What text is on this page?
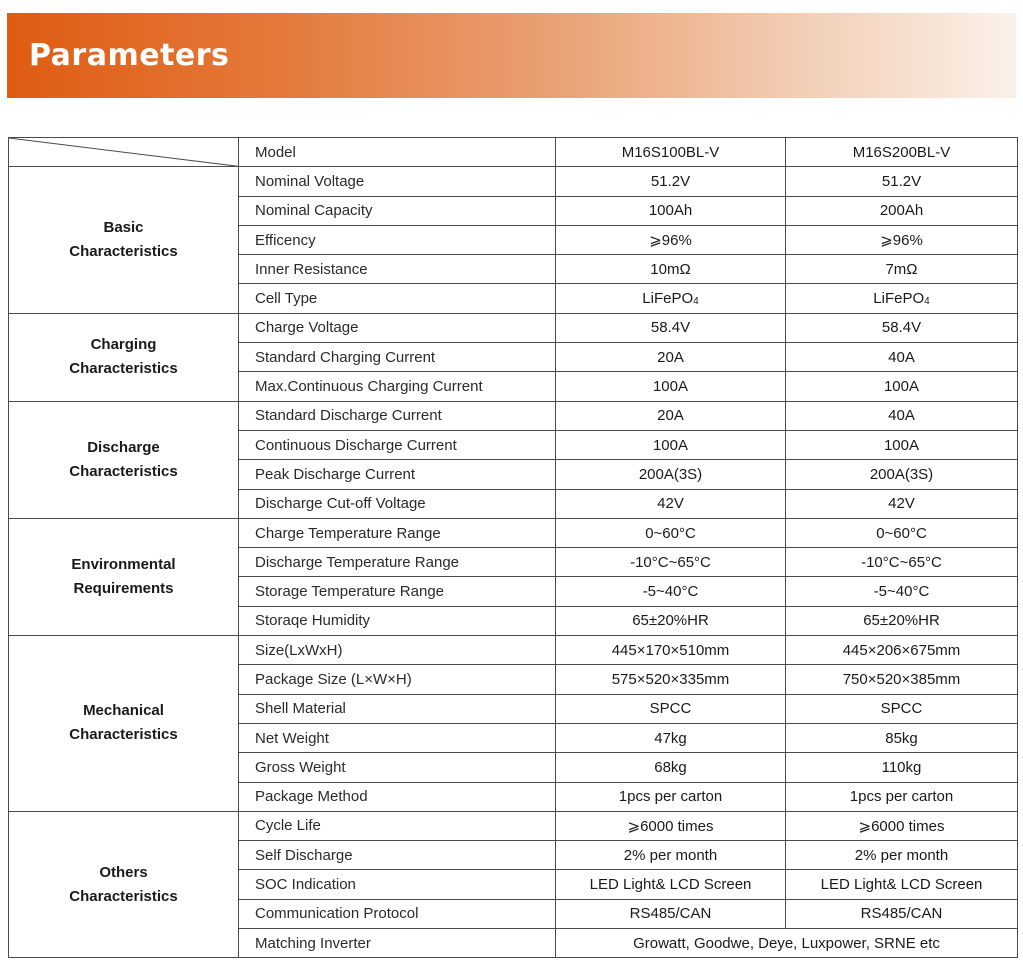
Parameters
	Model	M16S100BL-V	M16S200BL-V

Basic
Characteristics	Nominal Voltage	51.2V	51.2V
	Nominal Capacity	100Ah	200Ah
	Efficency	⩾96%	⩾96%
	Inner Resistance	10mΩ	7mΩ
	Cell Type	LiFePO4	LiFePO4

Charging
Characteristics	Charge Voltage	58.4V	58.4V
	Standard Charging Current	20A	40A
	Max.Continuous Charging Current	100A	100A

Discharge
Characteristics	Standard Discharge Current	20A	40A
	Continuous Discharge Current	100A	100A
	Peak Discharge Current	200A(3S)	200A(3S)
	Discharge Cut-off Voltage	42V	42V

Environmental
Requirements	Charge Temperature Range	0~60°C	0~60°C
	Discharge Temperature Range	-10°C~65°C	-10°C~65°C
	Storage Temperature Range	-5~40°C	-5~40°C
	Storaqe Humidity	65±20%HR	65±20%HR

Mechanical
Characteristics	Size(LxWxH)	445×170×510mm	445×206×675mm
	Package Size (L×W×H)	575×520×335mm	750×520×385mm
	Shell Material	SPCC	SPCC
	Net Weight	47kg	85kg
	Gross Weight	68kg	110kg
	Package Method	1pcs per carton	1pcs per carton

Others
Characteristics	Cycle Life	⩾6000 times	⩾6000 times
	Self Discharge	2% per month	2% per month
	SOC Indication	LED Light& LCD Screen	LED Light& LCD Screen
	Communication Protocol	RS485/CAN	RS485/CAN
	Matching Inverter	Growatt, Goodwe, Deye, Luxpower, SRNE etc	
